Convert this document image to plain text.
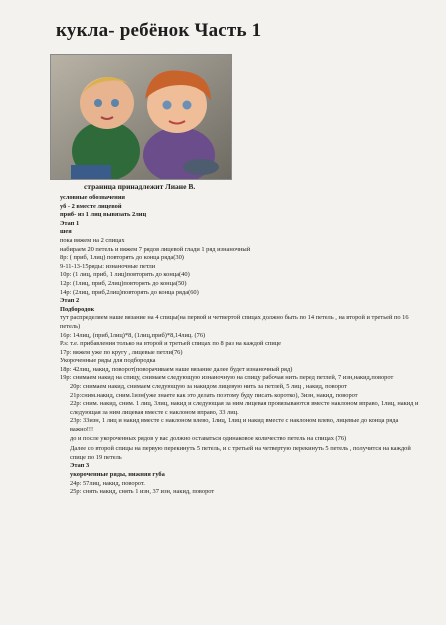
кукла- ребёнок Часть 1
страница принадлежит Лиане В.
условные обозначения
уб - 2 вместе лицевой
приб- из 1 лиц вывязать 2лиц
Этап 1
шея
пока вяжем на 2 спицах
набираем 20 петель и вяжем 7 рядов лицевой глади 1 ряд изнаночный
8р: ( приб, 1лиц) повторять до конца ряда(30)
9-11-13-15ряды: изнаночные петли
10р: (1 лиц, приб, 1 лиц)повторять до конца(40)
12р: (1лиц, приб, 2лиц)повторять до конца(50)
14р: (2лиц, приб,2лиц)повторять до конца ряда(60)
Этап 2
Подбородок
тут распределяем наше вязание на 4 спицы(на первой и четвертой спицах должно быть по 14 петель , на второй и третьей по 16 петель)
16р: 14лиц, (приб,1лиц)*8, (1лиц,приб)*8,14лиц. (76)
Р.s: т.е. прибавления только на второй и третьей спицах по 8 раз на каждой спице
17р: вяжем уже по кругу , лицевые петли(76)
Укороченные ряды для подбородка
18р: 42лиц, накид, поворот(поворачиваем наше вязание далее будет изнаночный ряд)
19р: снимаем накид на спицу, снимаем следующую изнаночную на спицу рабочая нить перед петлей, 7 изн,накид,поворот
20р: снимаем накид, снимаем следующую за накидом лицевую нить за петлей, 5 лиц , накид, поворот
21р:сним.накид, сним.1изн(уже знаете как это делать поэтому буду писать коротко), 3изн, накид, поворот
22р: сним. накид, сним. 1 лиц, 3лиц, накид и следующая за ним лицевая провязываются вместе наклоном вправо, 1лиц, накид и следующая за ним лицевая вместе с наклоном вправо, 33 лиц.
23р: 33изн, 1 лиц и накид вместе с наклоном влево, 1лиц, 1лиц и накид вместе с наклоном влево, лицевые до конца ряда
важно!!!
до и после укороченных рядов у вас должно оставаться одинаковое количество петель на спицах (76)
Далее со второй спицы на первую перекинуть 5 петель, и с третьей на четвертую перекинуть 5 петель , получится на каждой спице по 19 петель
Этап 3
укороченные ряды, нижняя губа
24р: 57лиц, накид, поворот.
25р: снять накид, снять 1 изн, 37 изн, накид, поворот
